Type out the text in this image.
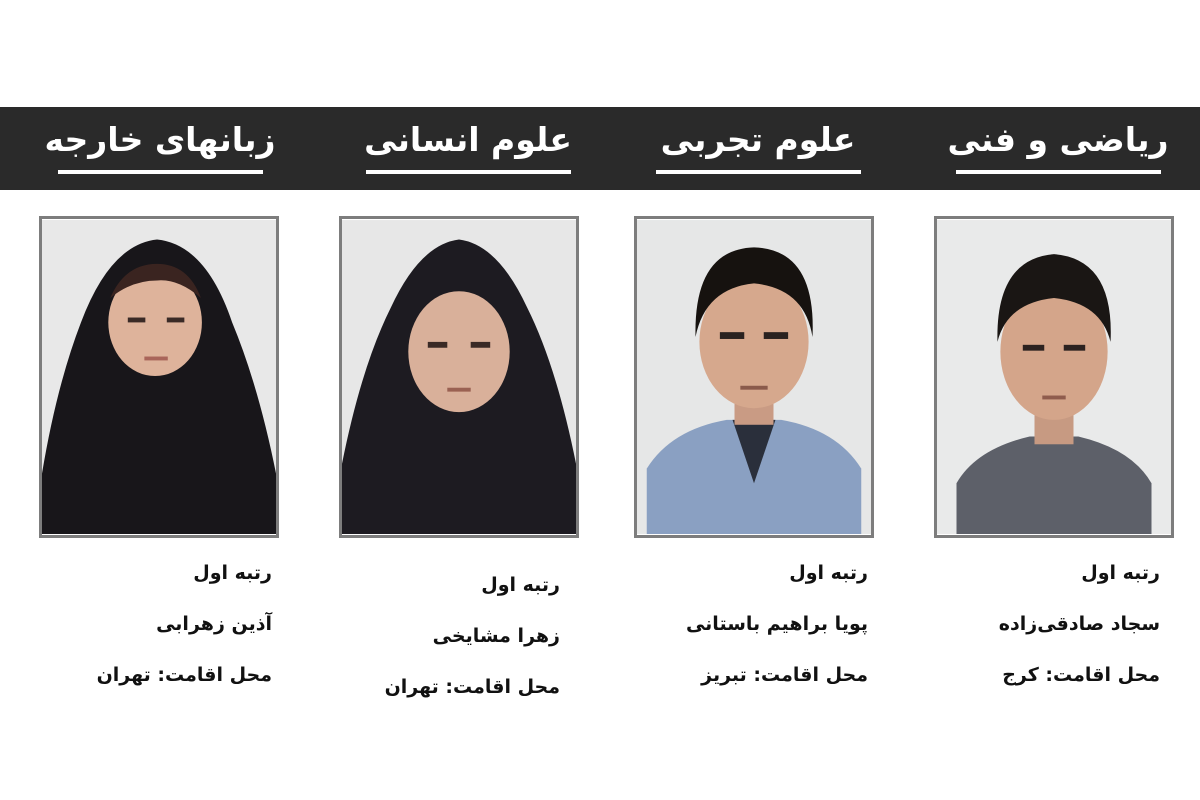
ریاضی و فنی
علوم تجربی
علوم انسانی
زبانهای خارجه
رتبه اول
سجاد صادقی‌زاده
محل اقامت: کرج
رتبه اول
پویا براهیم باستانی
محل اقامت: تبریز
رتبه اول
زهرا مشایخی
محل اقامت: تهران
رتبه اول
آذین زهرابی
محل اقامت: تهران
